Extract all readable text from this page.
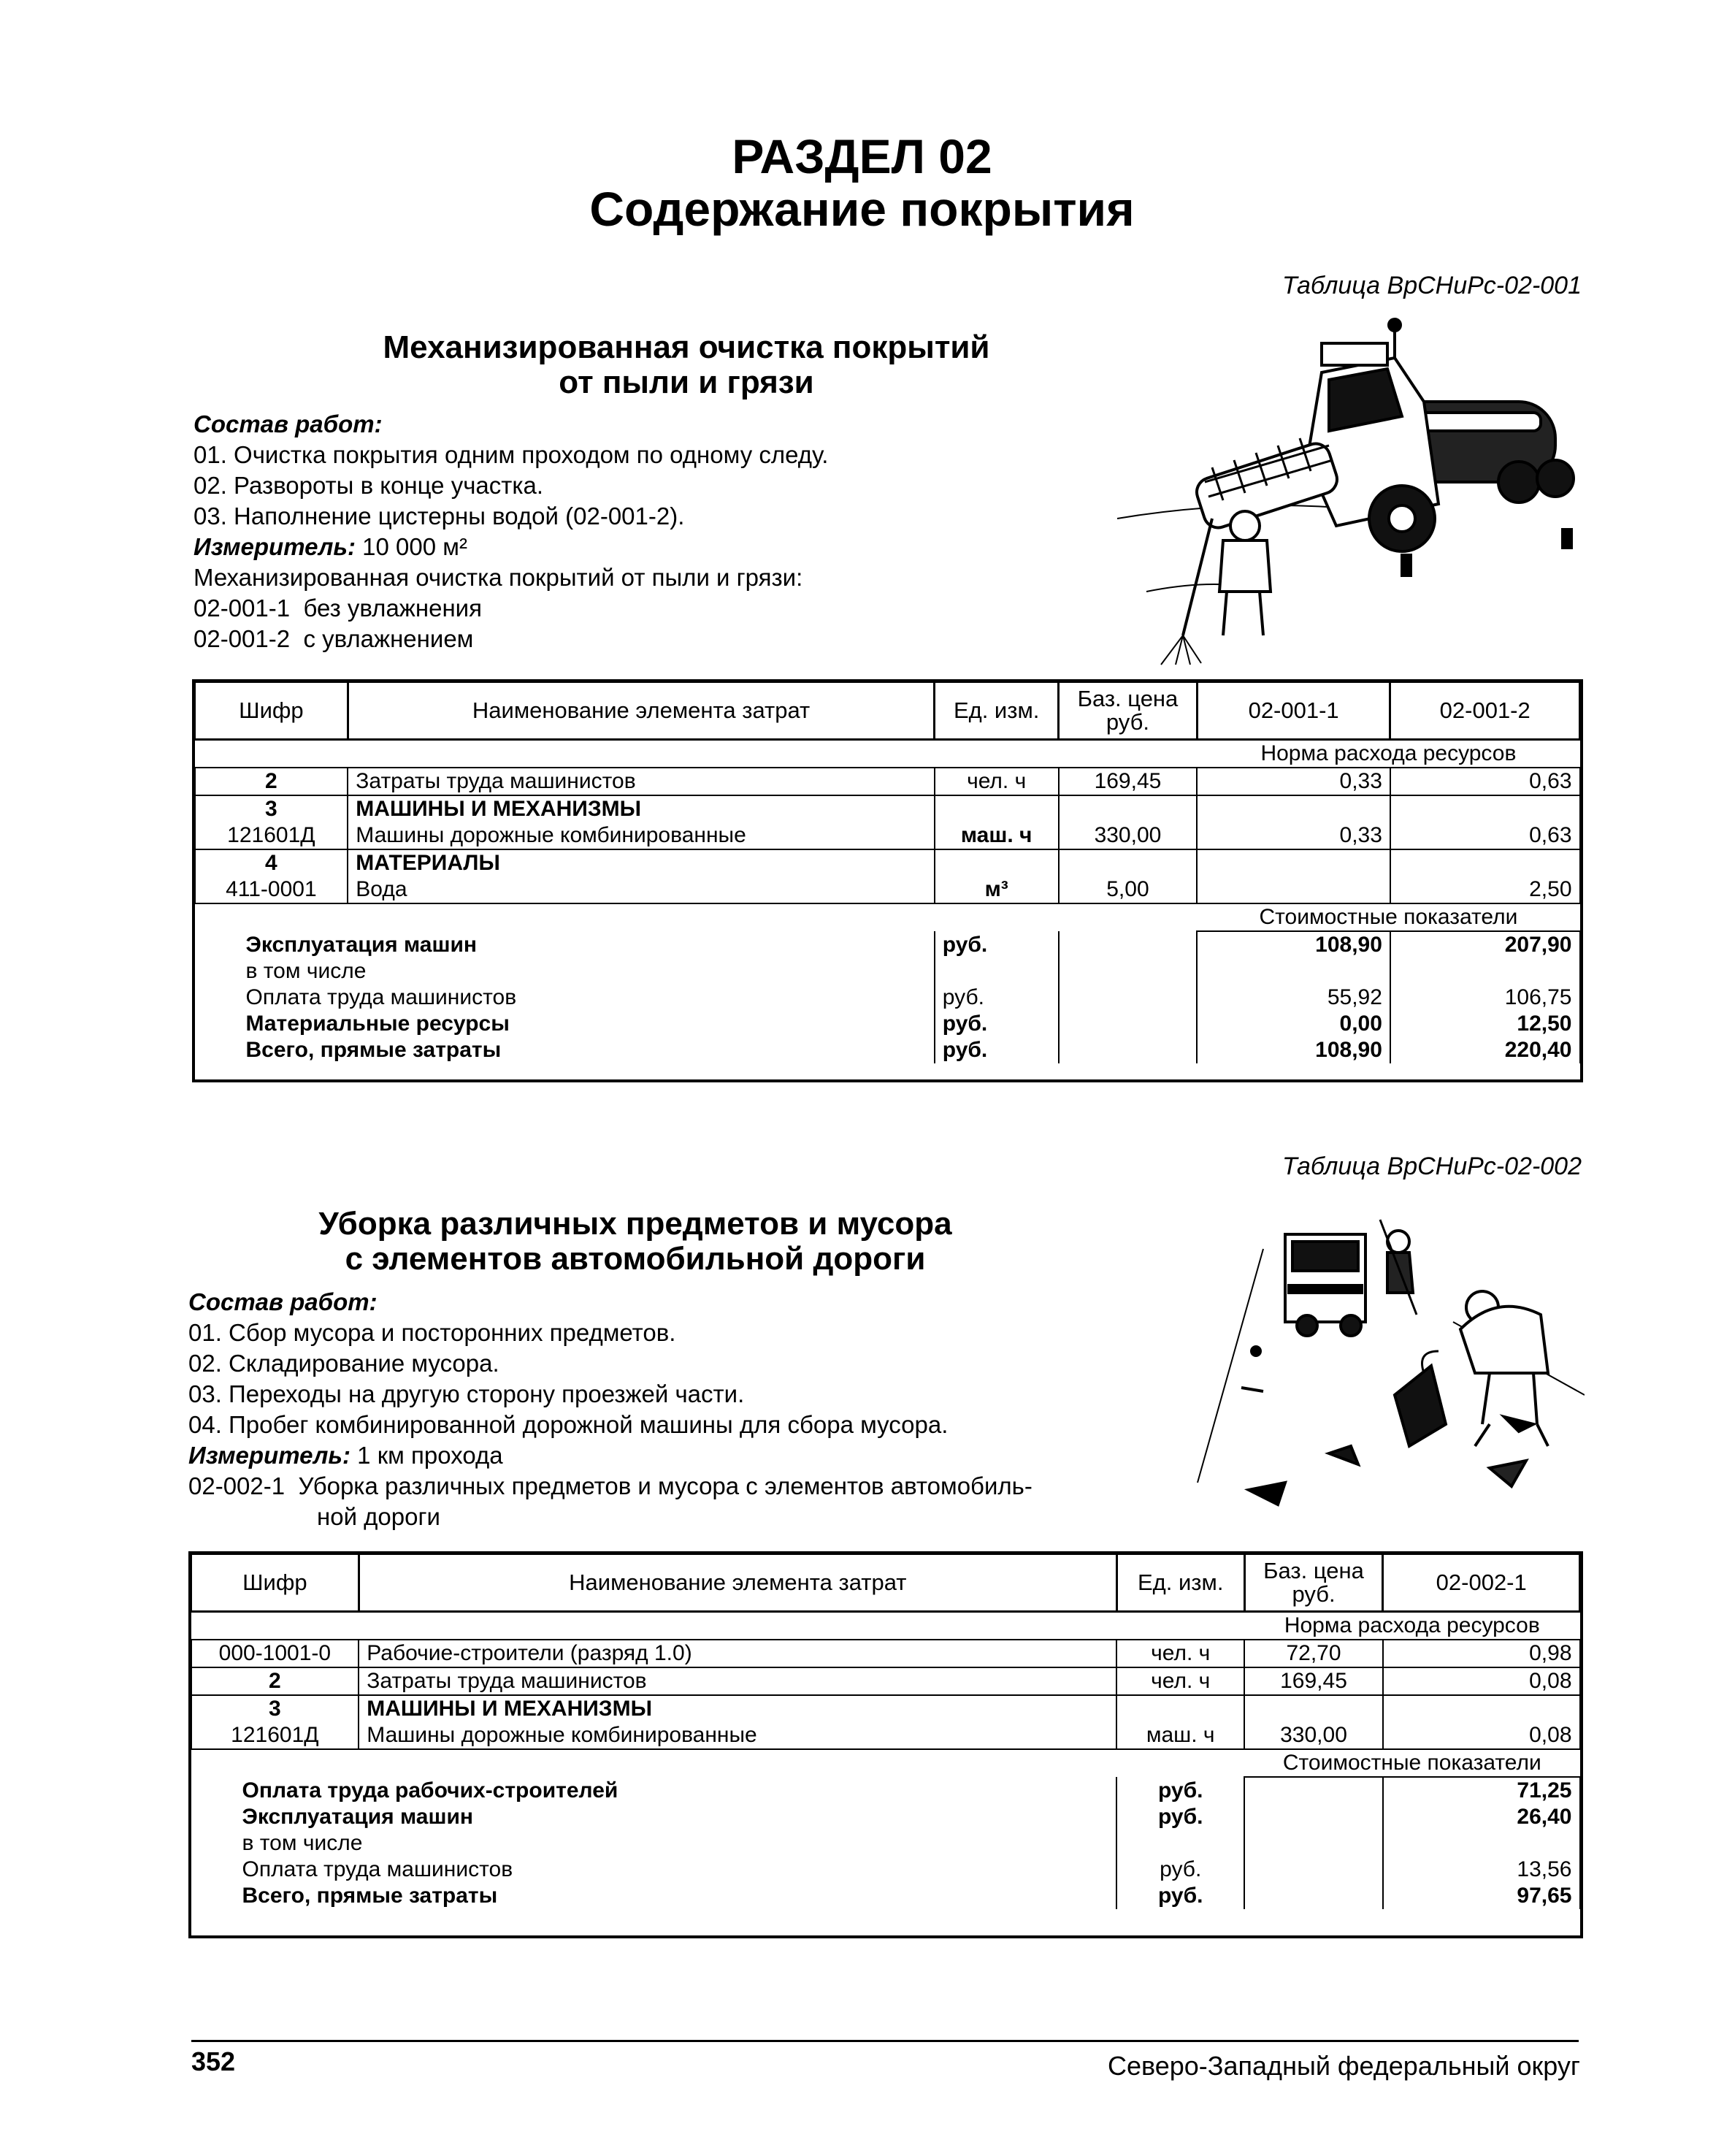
РАЗДЕЛ 02
Содержание покрытия
Таблица ВрСНиРс-02-001
Механизированная очистка покрытий
от пыли и грязи
Состав работ:
01. Очистка покрытия одним проходом по одному следу.
02. Развороты в конце участка.
03. Наполнение цистерны водой (02-001-2).
Измеритель: 10 000 м²
Механизированная очистка покрытий от пыли и грязи:
02-001-1 без увлажнения
02-001-2 с увлажнением
Шифр	Наименование элемента затрат	Ед. изм.	Баз. цена руб.	02-001-1	02-001-2
				Норма расхода ресурсов	
2	Затраты труда машинистов	чел. ч	169,45	0,33	0,63
3	МАШИНЫ И МЕХАНИЗМЫ				
121601Д	Машины дорожные комбинированные	маш. ч	330,00	0,33	0,63
4	МАТЕРИАЛЫ				
411-0001	Вода	м³	5,00		2,50
				Стоимостные показатели	
Эксплуатация машин		руб.		108,90	207,90
в том числе					
Оплата труда машинистов		руб.		55,92	106,75
Материальные ресурсы		руб.		0,00	12,50
Всего, прямые затраты		руб.		108,90	220,40
Таблица ВрСНиРс-02-002
Уборка различных предметов и мусора
с элементов автомобильной дороги
Состав работ:
01. Сбор мусора и посторонних предметов.
02. Складирование мусора.
03. Переходы на другую сторону проезжей части.
04. Пробег комбинированной дорожной машины для сбора мусора.
Измеритель: 1 км прохода
02-002-1 Уборка различных предметов и мусора с элементов автомобиль-
ной дороги
Шифр	Наименование элемента затрат	Ед. изм.	Баз. цена руб.	02-002-1
			Норма расхода ресурсов	
000-1001-0	Рабочие-строители (разряд 1.0)	чел. ч	72,70	0,98
2	Затраты труда машинистов	чел. ч	169,45	0,08
3	МАШИНЫ И МЕХАНИЗМЫ			
121601Д	Машины дорожные комбинированные	маш. ч	330,00	0,08
			Стоимостные показатели	
Оплата труда рабочих-строителей		руб.		71,25
Эксплуатация машин		руб.		26,40
в том числе				
Оплата труда машинистов		руб.		13,56
Всего, прямые затраты		руб.		97,65
352	Северо-Западный федеральный округ
